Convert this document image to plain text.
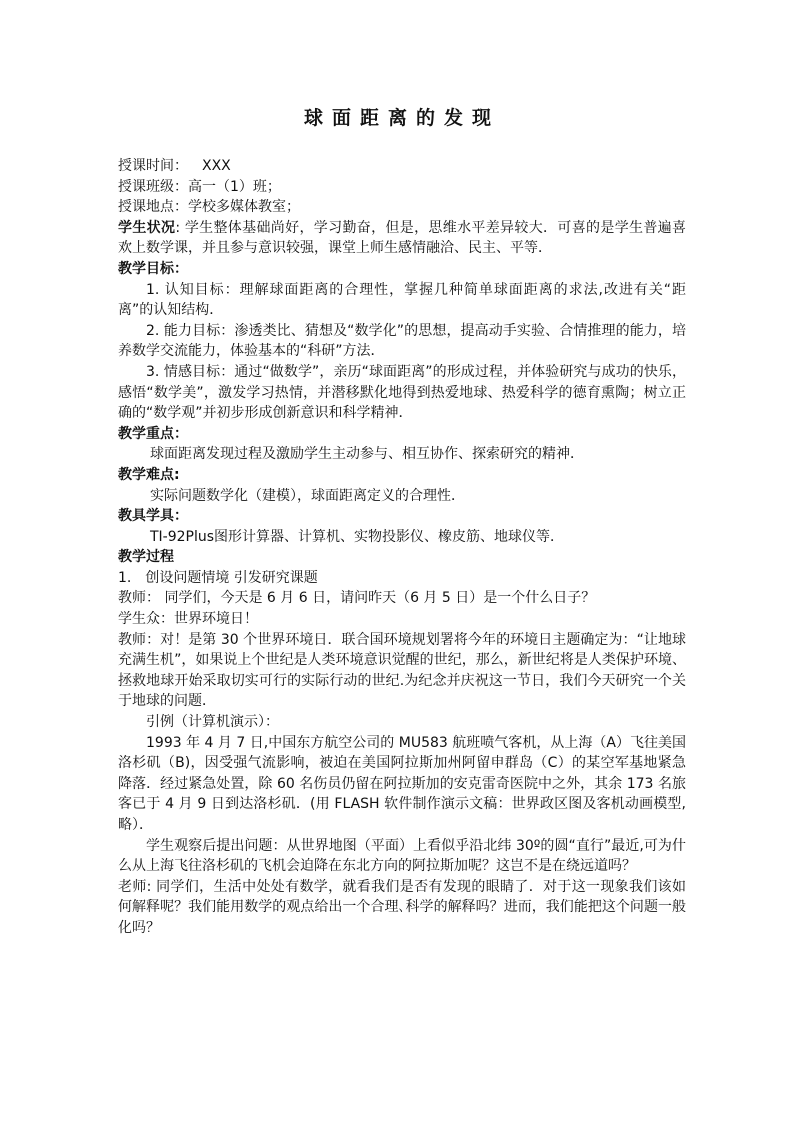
球面距离的发现

授课时间： XXX

授课班级：高一（1）班；

授课地点：学校多媒体教室；

学生状况: 学生整体基础尚好，学习勤奋，但是，思维水平差异较大．可喜的是学生普遍喜欢上数学课，并且参与意识较强，课堂上师生感情融洽、民主、平等．

教学目标：

1. 认知目标：理解球面距离的合理性，掌握几种简单球面距离的求法,改进有关“距离”的认知结构．

2. 能力目标：渗透类比、猜想及“数学化”的思想，提高动手实验、合情推理的能力，培养数学交流能力，体验基本的“科研”方法．

3. 情感目标：通过“做数学”，亲历“球面距离”的形成过程，并体验研究与成功的快乐，感悟“数学美”，激发学习热情，并潜移默化地得到热爱地球、热爱科学的德育熏陶；树立正确的“数学观”并初步形成创新意识和科学精神．

教学重点：

球面距离发现过程及激励学生主动参与、相互协作、探索研究的精神．

教学难点:

实际问题数学化（建模），球面距离定义的合理性．

教具学具：

TI-92Plus图形计算器、计算机、实物投影仪、橡皮筋、地球仪等．

教学过程

1.　创设问题情境 引发研究课题

教师： 同学们，今天是 6 月 6 日，请问昨天（6 月 5 日）是一个什么日子？

学生众：世界环境日！

教师：对！是第 30 个世界环境日．联合国环境规划署将今年的环境日主题确定为：“让地球充满生机”，如果说上个世纪是人类环境意识觉醒的世纪，那么，新世纪将是人类保护环境、拯救地球开始采取切实可行的实际行动的世纪.为纪念并庆祝这一节日，我们今天研究一个关于地球的问题．

引例（计算机演示）：

1993 年 4 月 7 日,中国东方航空公司的 MU583 航班喷气客机，从上海（A）飞往美国洛杉矶（B)，因受强气流影响，被迫在美国阿拉斯加州阿留申群岛（C）的某空军基地紧急降落．经过紧急处置，除 60 名伤员仍留在阿拉斯加的安克雷奇医院中之外，其余 173 名旅客已于 4 月 9 日到达洛杉矶．(用 FLASH 软件制作演示文稿：世界政区图及客机动画模型,略）．

学生观察后提出问题：从世界地图（平面）上看似乎沿北纬 30º的圆“直行”最近,可为什么从上海飞往洛杉矶的飞机会迫降在东北方向的阿拉斯加呢？这岂不是在绕远道吗？

老师: 同学们，生活中处处有数学，就看我们是否有发现的眼睛了．对于这一现象我们该如何解释呢？我们能用数学的观点给出一个合理､科学的解释吗？进而，我们能把这个问题一般化吗？
